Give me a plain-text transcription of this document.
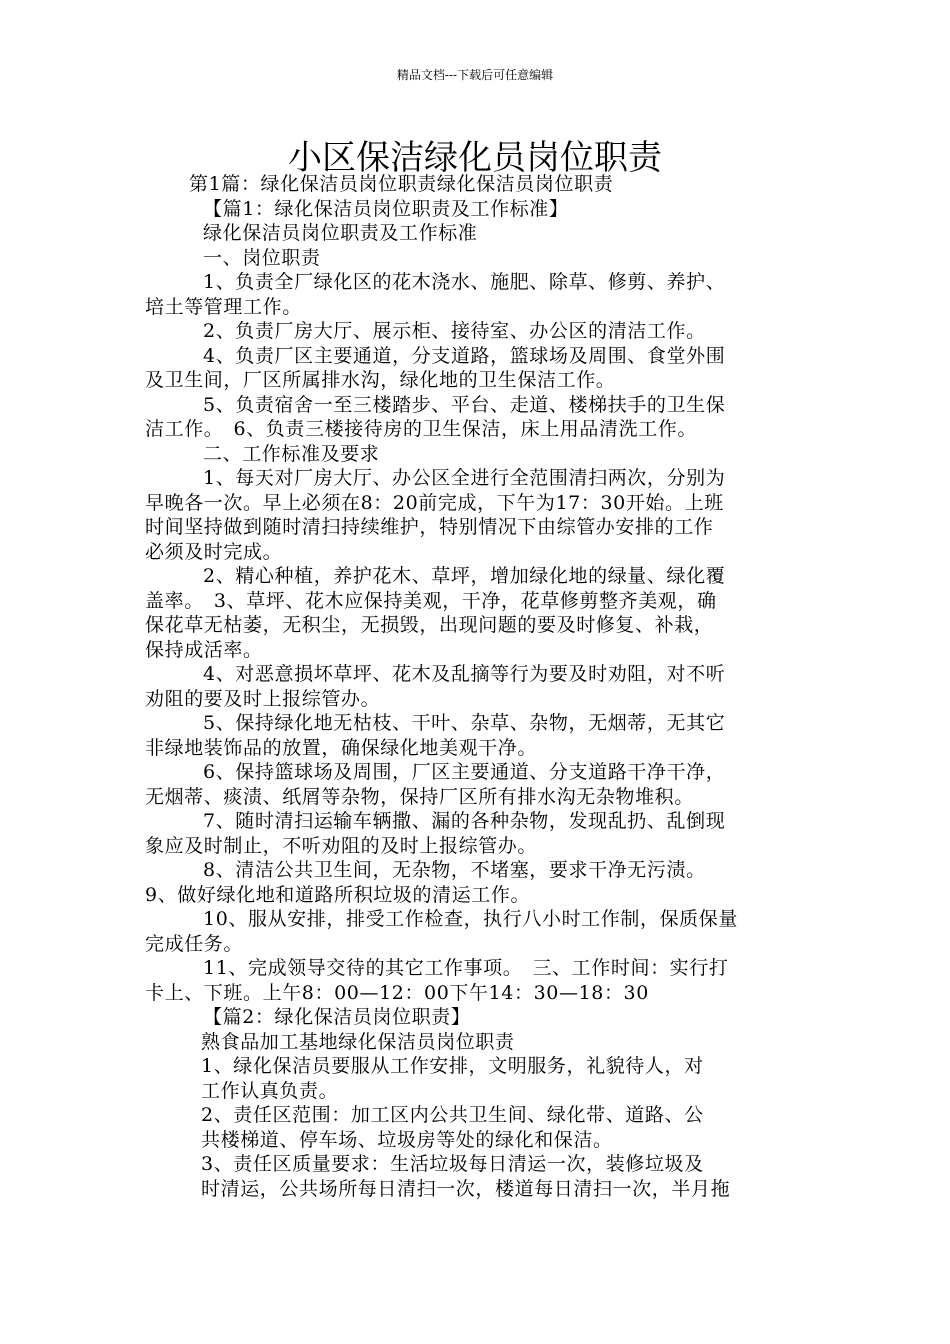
精品文档---下载后可任意编辑
小区保洁绿化员岗位职责

第1篇：绿化保洁员岗位职责绿化保洁员岗位职责

【篇1：绿化保洁员岗位职责及工作标准】

绿化保洁员岗位职责及工作标准

一、岗位职责

1、负责全厂绿化区的花木浇水、施肥、除草、修剪、养护、

培土等管理工作。

2、负责厂房大厅、展示柜、接待室、办公区的清洁工作。

4、负责厂区主要通道，分支道路，篮球场及周围、食堂外围

及卫生间，厂区所属排水沟，绿化地的卫生保洁工作。

5、负责宿舍一至三楼踏步、平台、走道、楼梯扶手的卫生保

洁工作。　6、负责三楼接待房的卫生保洁，床上用品清洗工作。

二、工作标准及要求

1、每天对厂房大厅、办公区全进行全范围清扫两次，分别为

早晚各一次。早上必须在8：20前完成，下午为17：30开始。上班

时间坚持做到随时清扫持续维护，特别情况下由综管办安排的工作

必须及时完成。

2、精心种植，养护花木、草坪，增加绿化地的绿量、绿化覆

盖率。　3、草坪、花木应保持美观，干净，花草修剪整齐美观，确

保花草无枯萎，无积尘，无损毁，出现问题的要及时修复、补栽，

保持成活率。

4、对恶意损坏草坪、花木及乱摘等行为要及时劝阻，对不听

劝阻的要及时上报综管办。

5、保持绿化地无枯枝、干叶、杂草、杂物，无烟蒂，无其它

非绿地装饰品的放置，确保绿化地美观干净。

6、保持篮球场及周围，厂区主要通道、分支道路干净干净，

无烟蒂、痰渍、纸屑等杂物，保持厂区所有排水沟无杂物堆积。

7、随时清扫运输车辆撒、漏的各种杂物，发现乱扔、乱倒现

象应及时制止，不听劝阻的及时上报综管办。

8、清洁公共卫生间，无杂物，不堵塞，要求干净无污渍。

9、做好绿化地和道路所积垃圾的清运工作。

10、服从安排，排受工作检查，执行八小时工作制，保质保量

完成任务。

11、完成领导交待的其它工作事项。　三、工作时间：实行打

卡上、下班。上午8：00—12：00下午14：30—18：30

【篇2：绿化保洁员岗位职责】

熟食品加工基地绿化保洁员岗位职责

1、绿化保洁员要服从工作安排，文明服务，礼貌待人，对

工作认真负责。

2、责任区范围：加工区内公共卫生间、绿化带、道路、公

共楼梯道、停车场、垃圾房等处的绿化和保洁。

3、责任区质量要求：生活垃圾每日清运一次，装修垃圾及

时清运，公共场所每日清扫一次，楼道每日清扫一次，半月拖
